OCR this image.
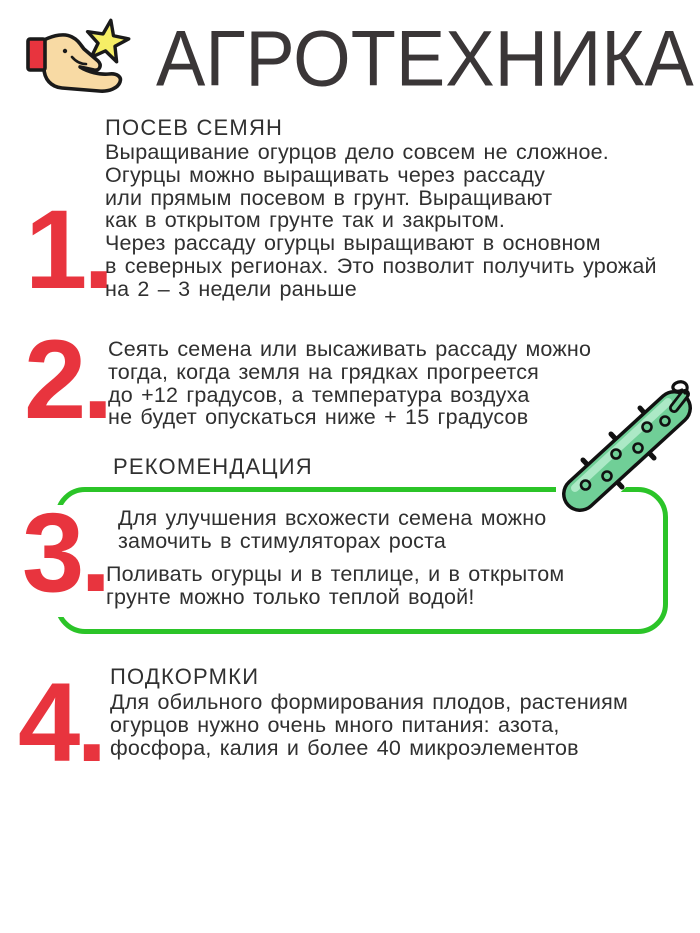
АГРОТЕХНИКА
ПОСЕВ СЕМЯН
Выращивание огурцов дело совсем не сложное.
Огурцы можно выращивать через рассаду
или прямым посевом в грунт. Выращивают
как в открытом грунте так и закрытом.
Через рассаду огурцы выращивают в основном
в северных регионах. Это позволит получить урожай
на 2 – 3 недели раньше
1.
Сеять семена или высаживать рассаду можно
тогда, когда земля на грядках прогреется
до +12 градусов, а температура воздуха
не будет опускаться ниже + 15 градусов
2.
РЕКОМЕНДАЦИЯ
Для улучшения всхожести семена можно
замочить в стимуляторах роста
Поливать огурцы и в теплице, и в открытом
грунте можно только теплой водой!
3.
ПОДКОРМКИ
Для обильного формирования плодов, растениям
огурцов нужно очень много питания: азота,
фосфора, калия и более 40 микроэлементов
4.
